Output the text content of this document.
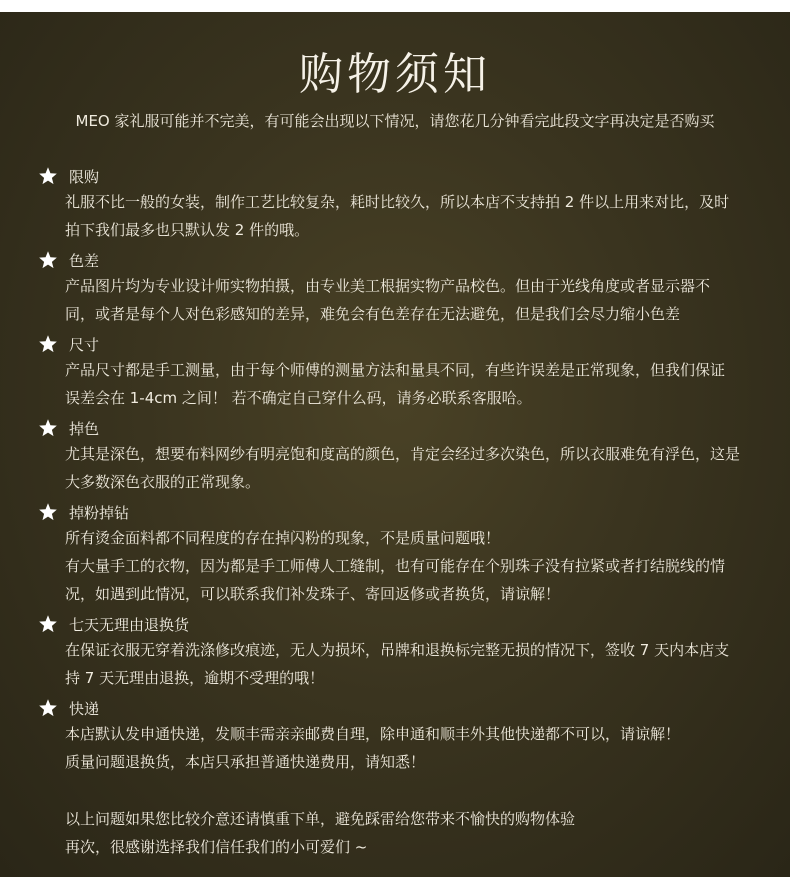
购物须知
MEO 家礼服可能并不完美，有可能会出现以下情况，请您花几分钟看完此段文字再决定是否购买
限购
礼服不比一般的女装，制作工艺比较复杂，耗时比较久，所以本店不支持拍 2 件以上用来对比，及时
拍下我们最多也只默认发 2 件的哦。
色差
产品图片均为专业设计师实物拍摄，由专业美工根据实物产品校色。但由于光线角度或者显示器不
同，或者是每个人对色彩感知的差异，难免会有色差存在无法避免，但是我们会尽力缩小色差
尺寸
产品尺寸都是手工测量，由于每个师傅的测量方法和量具不同，有些许误差是正常现象，但我们保证
误差会在 1-4cm 之间！ 若不确定自己穿什么码，请务必联系客服哈。
掉色
尤其是深色，想要布料网纱有明亮饱和度高的颜色，肯定会经过多次染色，所以衣服难免有浮色，这是
大多数深色衣服的正常现象。
掉粉掉钻
所有烫金面料都不同程度的存在掉闪粉的现象，不是质量问题哦！
有大量手工的衣物，因为都是手工师傅人工缝制，也有可能存在个别珠子没有拉紧或者打结脱线的情
况，如遇到此情况，可以联系我们补发珠子、寄回返修或者换货，请谅解！
七天无理由退换货
在保证衣服无穿着洗涤修改痕迹，无人为损坏，吊牌和退换标完整无损的情况下，签收 7 天内本店支
持 7 天无理由退换，逾期不受理的哦！
快递
本店默认发申通快递，发顺丰需亲亲邮费自理，除申通和顺丰外其他快递都不可以，请谅解！
质量问题退换货，本店只承担普通快递费用，请知悉！
以上问题如果您比较介意还请慎重下单，避免踩雷给您带来不愉快的购物体验
再次，很感谢选择我们信任我们的小可爱们 ~
